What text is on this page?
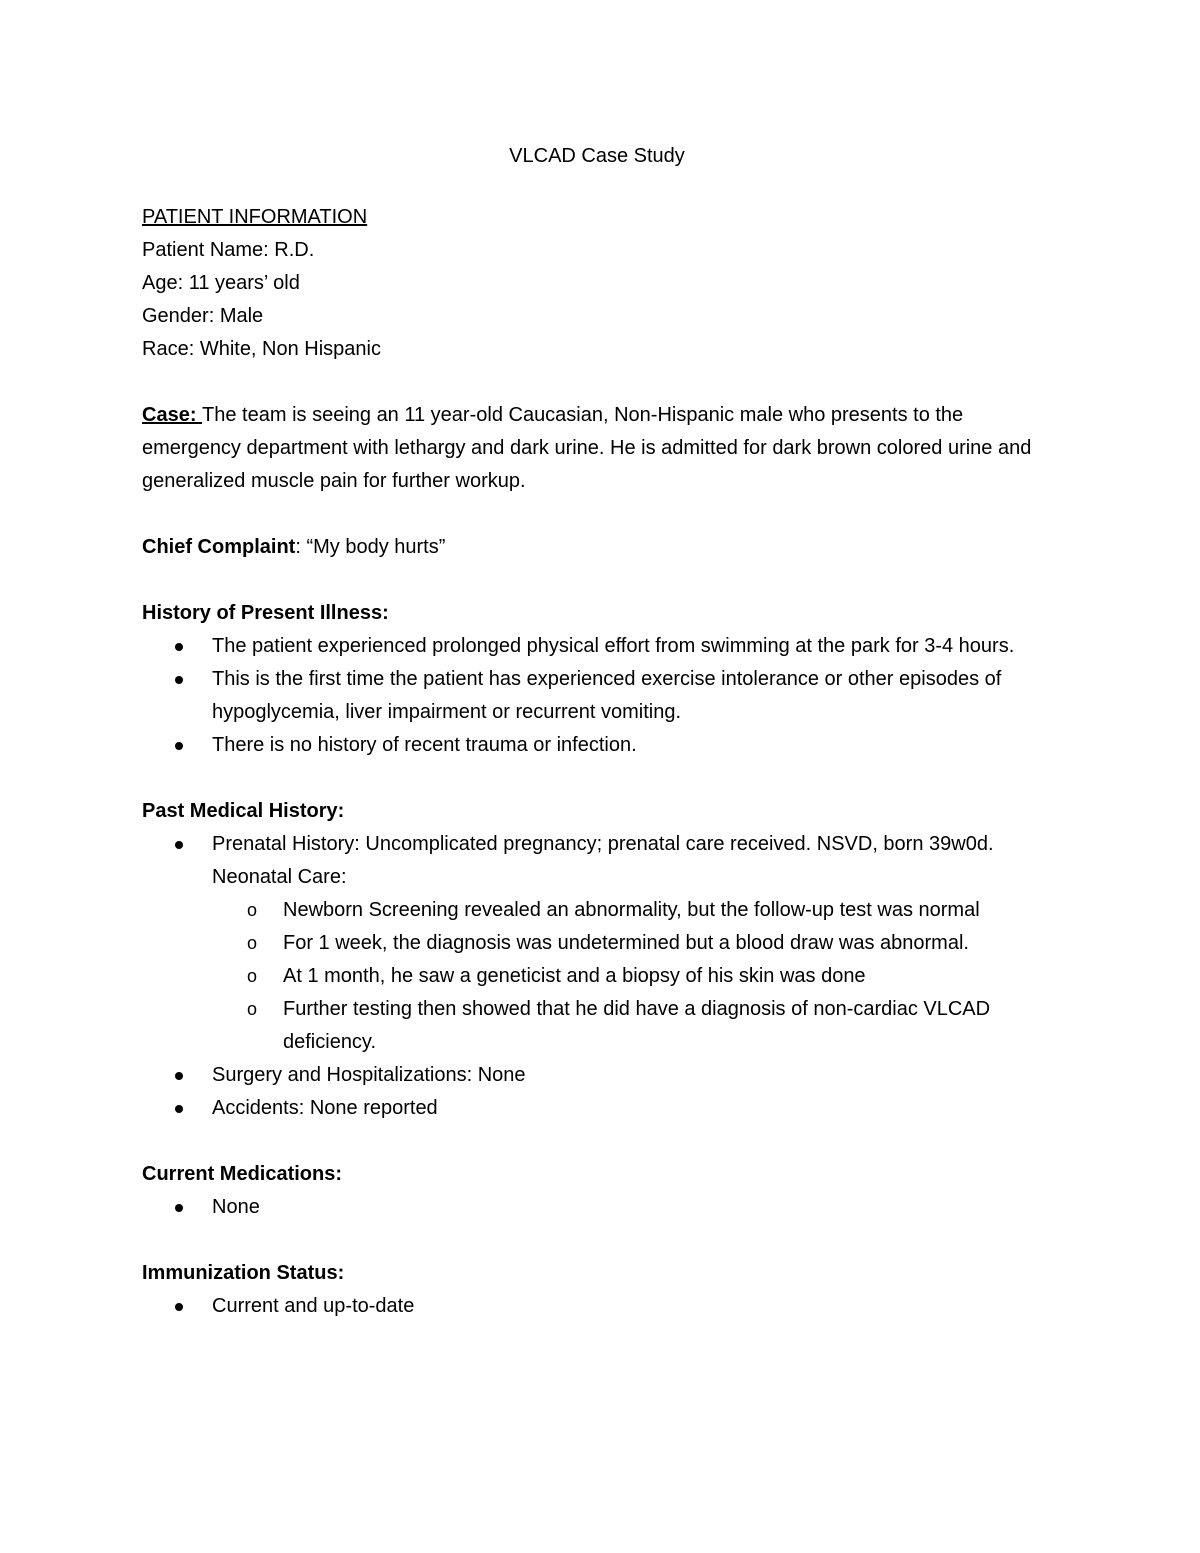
VLCAD Case Study

PATIENT INFORMATION

Patient Name: R.D.

Age: 11 years’ old

Gender: Male

Race: White, Non Hispanic

Case: The team is seeing an 11 year-old Caucasian, Non-Hispanic male who presents to the emergency department with lethargy and dark urine. He is admitted for dark brown colored urine and generalized muscle pain for further workup.

Chief Complaint: “My body hurts”

History of Present Illness:

The patient experienced prolonged physical effort from swimming at the park for 3-4 hours.
This is the first time the patient has experienced exercise intolerance or other episodes of hypoglycemia, liver impairment or recurrent vomiting.
There is no history of recent trauma or infection.

Past Medical History:

Prenatal History: Uncomplicated pregnancy; prenatal care received. NSVD, born 39w0d. Neonatal Care:
o Newborn Screening revealed an abnormality, but the follow-up test was normal
o For 1 week, the diagnosis was undetermined but a blood draw was abnormal.
o At 1 month, he saw a geneticist and a biopsy of his skin was done
o Further testing then showed that he did have a diagnosis of non-cardiac VLCAD deficiency.
Surgery and Hospitalizations: None
Accidents: None reported

Current Medications:

None

Immunization Status:

Current and up-to-date
